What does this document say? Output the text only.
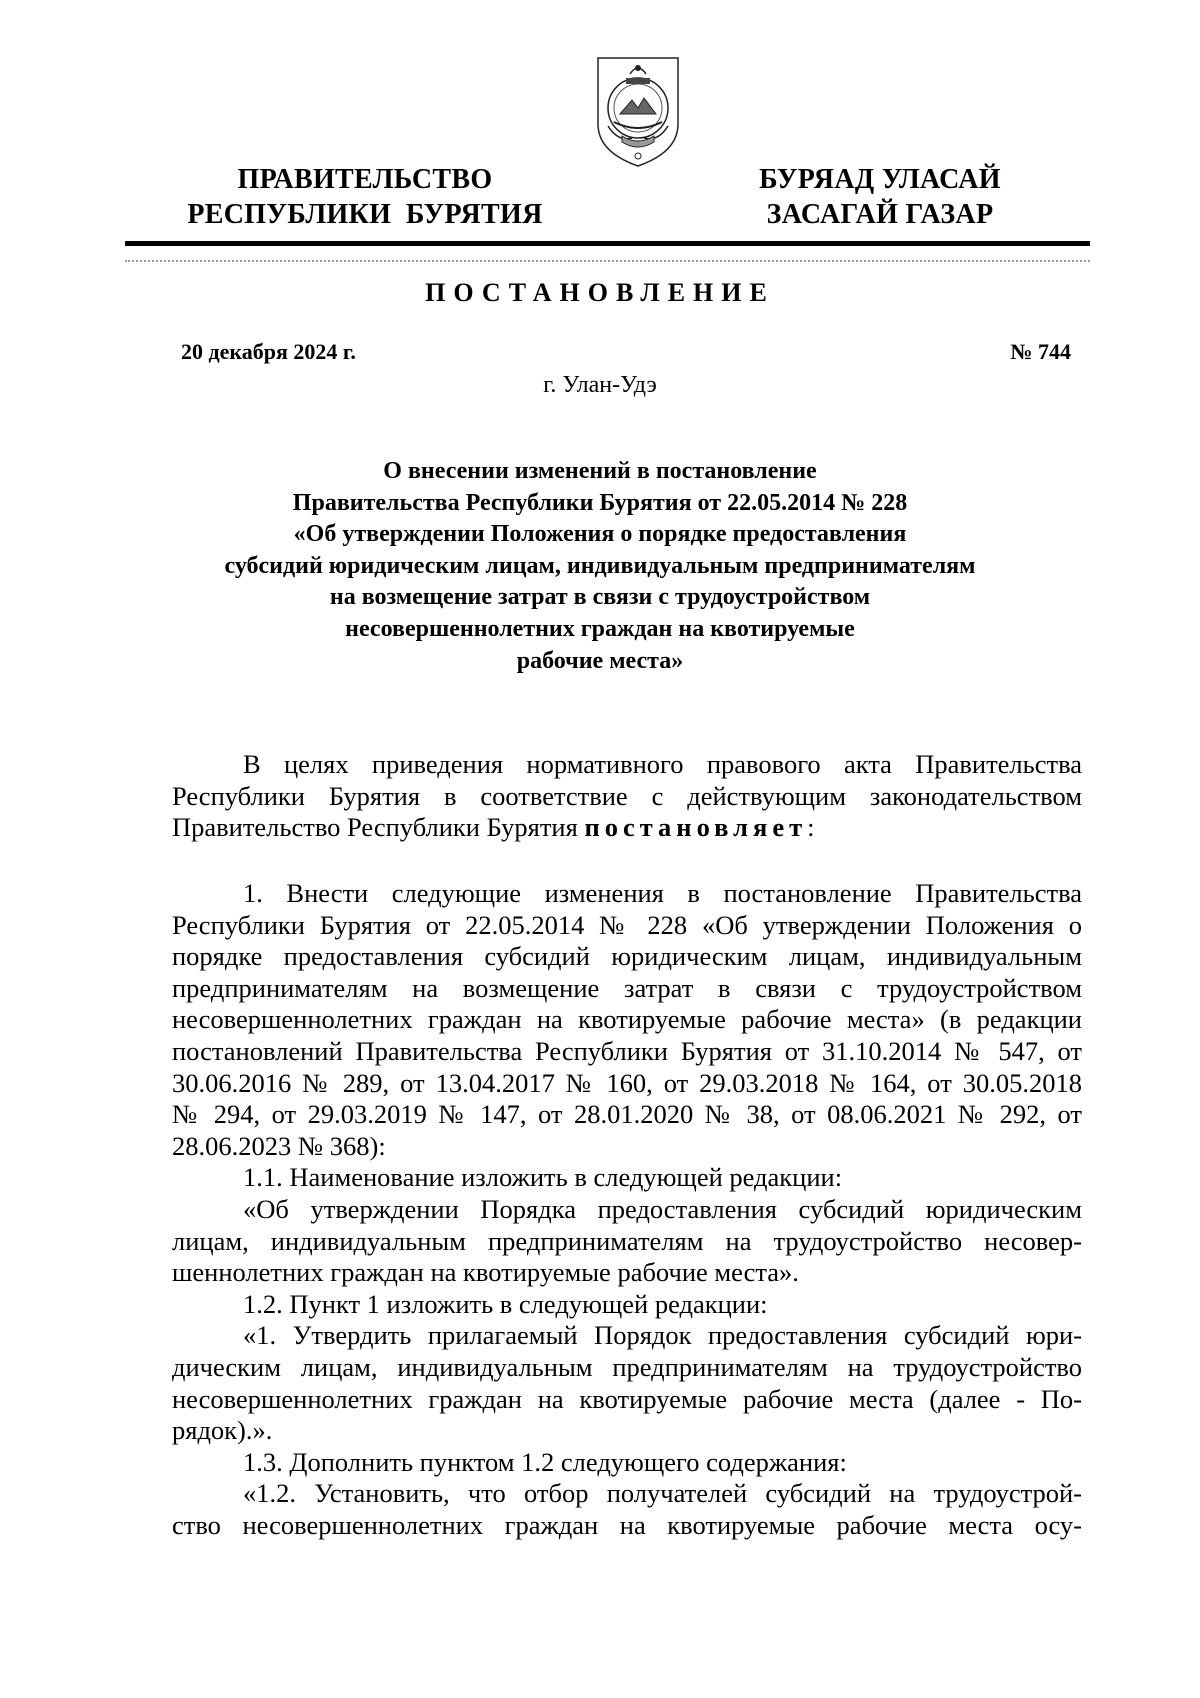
ПРАВИТЕЛЬСТВО
РЕСПУБЛИКИ  БУРЯТИЯ
БУРЯАД УЛАСАЙ
ЗАСАГАЙ ГАЗАР
ПОСТАНОВЛЕНИЕ
20 декабря 2024 г.	№ 744
г. Улан-Удэ
О внесении изменений в постановление
Правительства Республики Бурятия от 22.05.2014 № 228
«Об утверждении Положения о порядке предоставления
субсидий юридическим лицам, индивидуальным предпринимателям
на возмещение затрат в связи с трудоустройством
несовершеннолетних граждан на квотируемые
рабочие места»
В целях приведения нормативного правового акта Правительства
Республики Бурятия в соответствие с действующим законодательством
Правительство Республики Бурятия постановляет:
1. Внести следующие изменения в постановление Правительства
Республики Бурятия от 22.05.2014 № 228 «Об утверждении Положения о
порядке предоставления субсидий юридическим лицам, индивидуальным
предпринимателям на возмещение затрат в связи с трудоустройством
несовершеннолетних граждан на квотируемые рабочие места» (в редакции
постановлений Правительства Республики Бурятия от 31.10.2014 № 547, от
30.06.2016 № 289, от 13.04.2017 № 160, от 29.03.2018 № 164, от 30.05.2018
№ 294, от 29.03.2019 № 147, от 28.01.2020 № 38, от 08.06.2021 № 292, от
28.06.2023 № 368):
1.1. Наименование изложить в следующей редакции:
«Об утверждении Порядка предоставления субсидий юридическим
лицам, индивидуальным предпринимателям на трудоустройство несовер-
шеннолетних граждан на квотируемые рабочие места».
1.2. Пункт 1 изложить в следующей редакции:
«1. Утвердить прилагаемый Порядок предоставления субсидий юри-
дическим лицам, индивидуальным предпринимателям на трудоустройство
несовершеннолетних граждан на квотируемые рабочие места (далее - По-
рядок).».
1.3. Дополнить пунктом 1.2 следующего содержания:
«1.2. Установить, что отбор получателей субсидий на трудоустрой-
ство несовершеннолетних граждан на квотируемые рабочие места осу-
